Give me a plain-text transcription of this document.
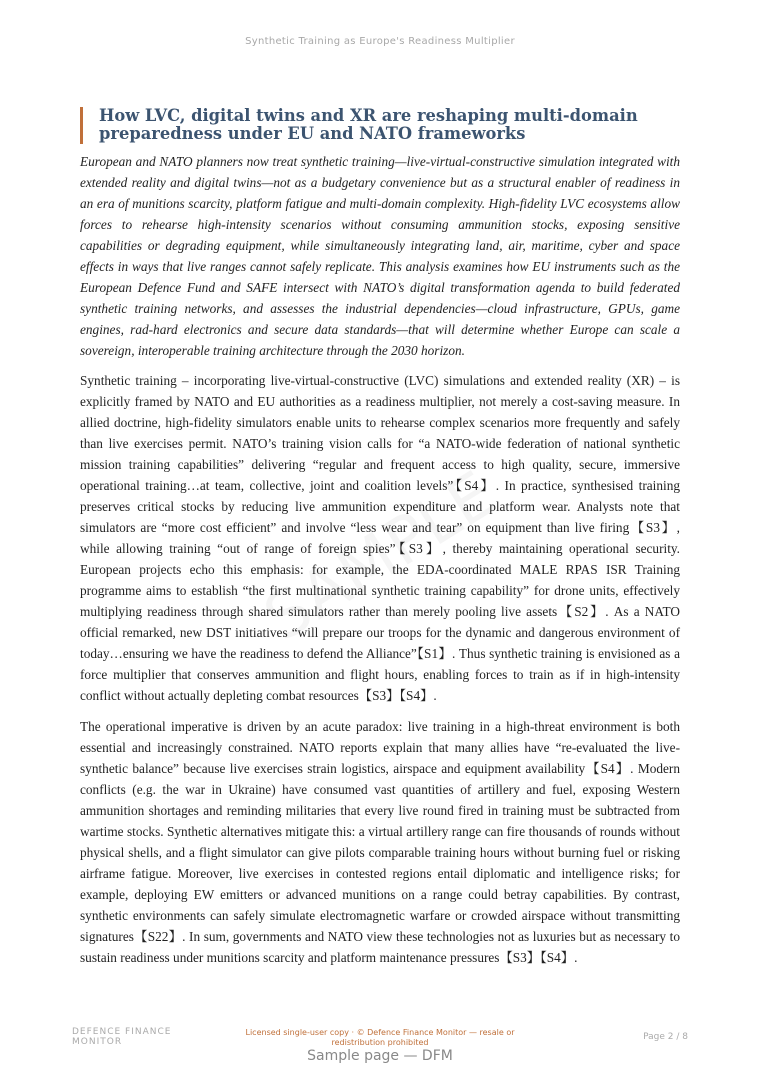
Synthetic Training as Europe's Readiness Multiplier
How LVC, digital twins and XR are reshaping multi-domain preparedness under EU and NATO frameworks

European and NATO planners now treat synthetic training—live-virtual-constructive simulation integrated with extended reality and digital twins—not as a budgetary convenience but as a structural enabler of readiness in an era of munitions scarcity, platform fatigue and multi-domain complexity. High-fidelity LVC ecosystems allow forces to rehearse high-intensity scenarios without consuming ammunition stocks, exposing sensitive capabilities or degrading equipment, while simultaneously integrating land, air, maritime, cyber and space effects in ways that live ranges cannot safely replicate. This analysis examines how EU instruments such as the European Defence Fund and SAFE intersect with NATO’s digital transformation agenda to build federated synthetic training networks, and assesses the industrial dependencies—cloud infrastructure, GPUs, game engines, rad-hard electronics and secure data standards—that will determine whether Europe can scale a sovereign, interoperable training architecture through the 2030 horizon.

Synthetic training – incorporating live-virtual-constructive (LVC) simulations and extended reality (XR) – is explicitly framed by NATO and EU authorities as a readiness multiplier, not merely a cost-saving measure. In allied doctrine, high-fidelity simulators enable units to rehearse complex scenarios more frequently and safely than live exercises permit. NATO’s training vision calls for “a NATO-wide federation of national synthetic mission training capabilities” delivering “regular and frequent access to high quality, secure, immersive operational training…at team, collective, joint and coalition levels”【S4】. In practice, synthesised training preserves critical stocks by reducing live ammunition expenditure and platform wear. Analysts note that simulators are “more cost efficient” and involve “less wear and tear” on equipment than live firing【S3】, while allowing training “out of range of foreign spies”【S3】, thereby maintaining operational security. European projects echo this emphasis: for example, the EDA-coordinated MALE RPAS ISR Training programme aims to establish “the first multinational synthetic training capability” for drone units, effectively multiplying readiness through shared simulators rather than merely pooling live assets【S2】. As a NATO official remarked, new DST initiatives “will prepare our troops for the dynamic and dangerous environment of today…ensuring we have the readiness to defend the Alliance”【S1】. Thus synthetic training is envisioned as a force multiplier that conserves ammunition and flight hours, enabling forces to train as if in high-intensity conflict without actually depleting combat resources【S3】【S4】.

The operational imperative is driven by an acute paradox: live training in a high-threat environment is both essential and increasingly constrained. NATO reports explain that many allies have “re-evaluated the live-synthetic balance” because live exercises strain logistics, airspace and equipment availability【S4】. Modern conflicts (e.g. the war in Ukraine) have consumed vast quantities of artillery and fuel, exposing Western ammunition shortages and reminding militaries that every live round fired in training must be subtracted from wartime stocks. Synthetic alternatives mitigate this: a virtual artillery range can fire thousands of rounds without physical shells, and a flight simulator can give pilots comparable training hours without burning fuel or risking airframe fatigue. Moreover, live exercises in contested regions entail diplomatic and intelligence risks; for example, deploying EW emitters or advanced munitions on a range could betray capabilities. By contrast, synthetic environments can safely simulate electromagnetic warfare or crowded airspace without transmitting signatures【S22】. In sum, governments and NATO view these technologies not as luxuries but as necessary to sustain readiness under munitions scarcity and platform maintenance pressures【S3】【S4】.

DEFENCE FINANCE MONITOR
Licensed single-user copy · © Defence Finance Monitor — resale or redistribution prohibited
Page 2 / 8
Sample page — DFM
